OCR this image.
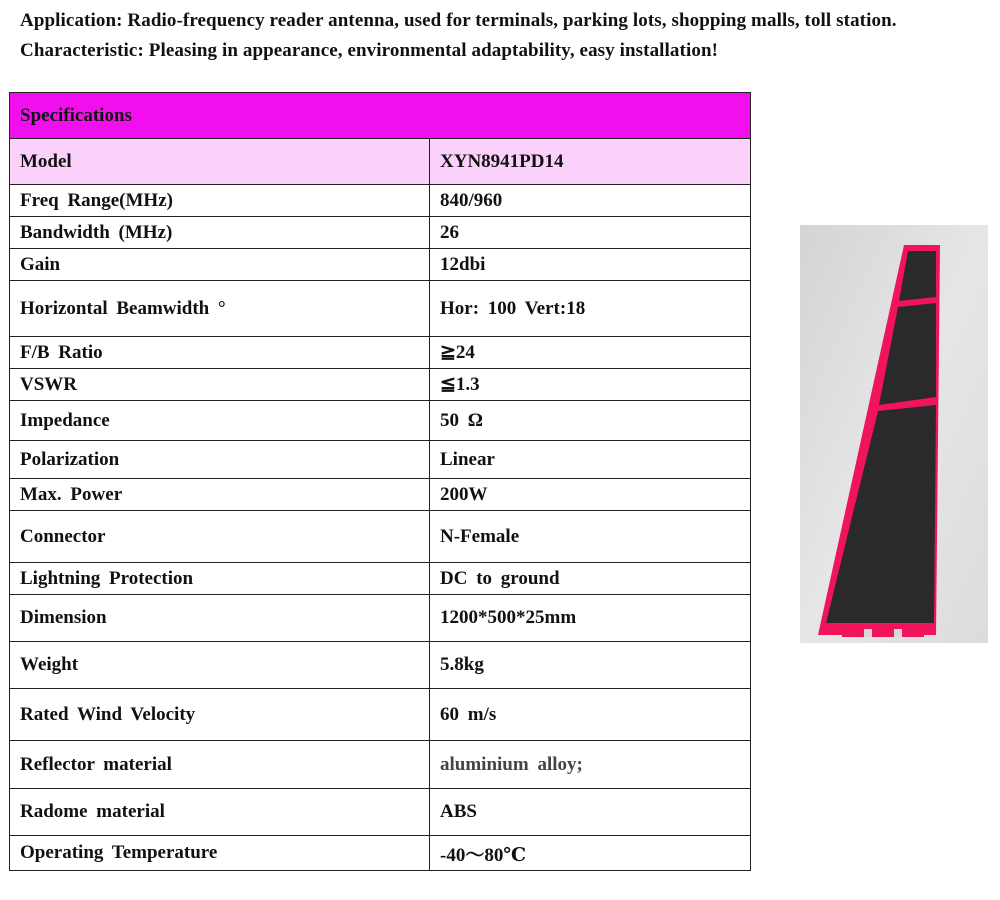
Application: Radio-frequency reader antenna, used for terminals, parking lots, shopping malls, toll station.

Characteristic: Pleasing in appearance, environmental adaptability, easy installation!

Specifications	
Model	XYN8941PD14
Freq Range(MHz)	840/960
Bandwidth (MHz)	26
Gain	12dbi
Horizontal Beamwidth °	Hor: 100 Vert:18
F/B Ratio	≧24
VSWR	≦1.3
Impedance	50 Ω
Polarization	Linear
Max. Power	200W
Connector	N-Female
Lightning Protection	DC to ground
Dimension	1200*500*25mm
Weight	5.8kg
Rated Wind Velocity	60 m/s
Reflector material	aluminium alloy;
Radome material	ABS
Operating Temperature	-40～80℃
